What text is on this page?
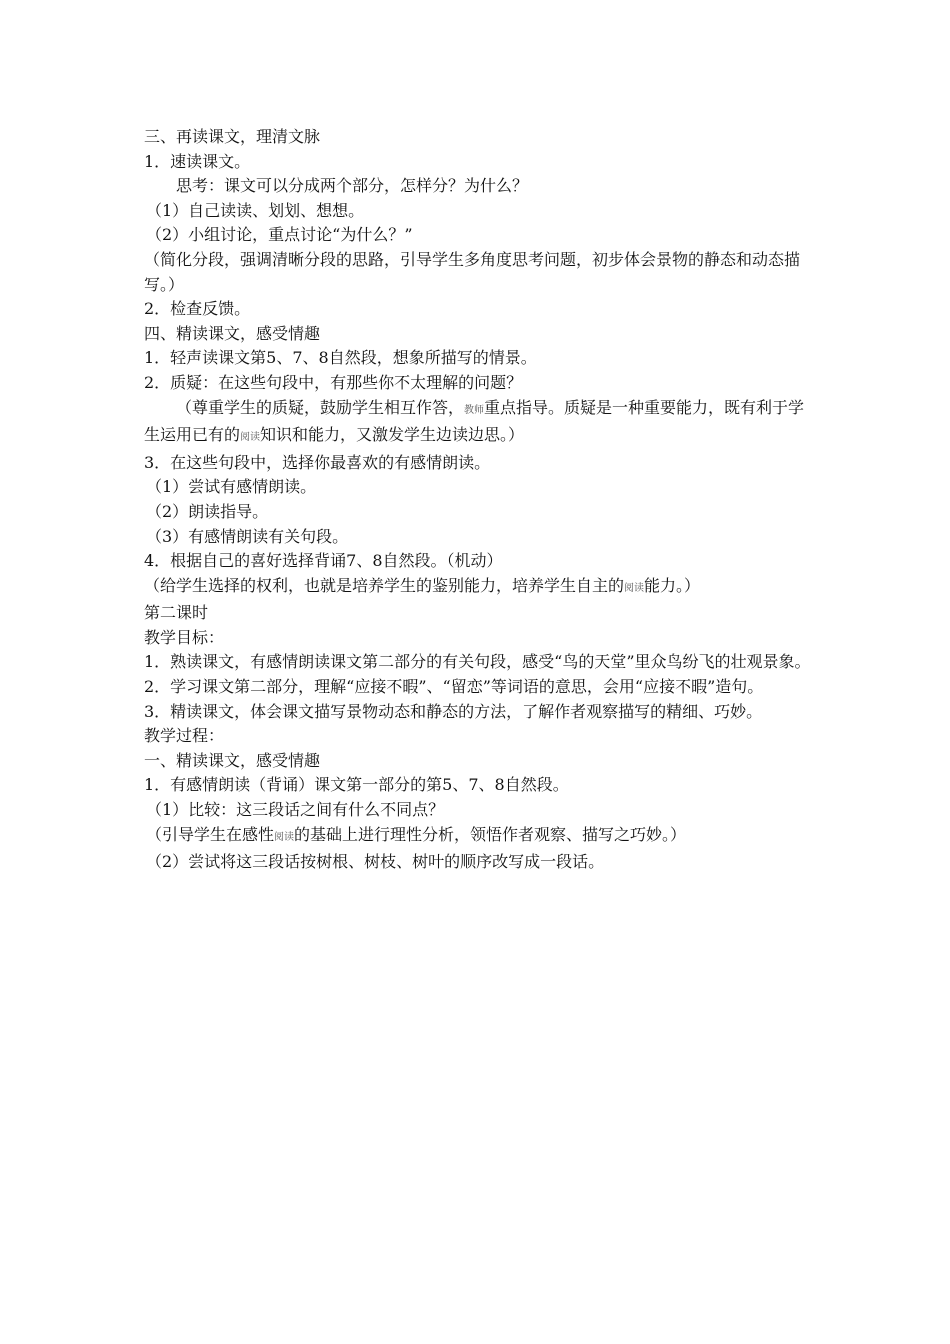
三、再读课文，理清文脉

1．速读课文。

思考：课文可以分成两个部分，怎样分？为什么？

（1）自己读读、划划、想想。

（2）小组讨论，重点讨论“为什么？”

（简化分段，强调清晰分段的思路，引导学生多角度思考问题，初步体会景物的静态和动态描写。）

2．检查反馈。

四、精读课文，感受情趣

1．轻声读课文第5、7、8自然段，想象所描写的情景。

2．质疑：在这些句段中，有那些你不太理解的问题？

（尊重学生的质疑，鼓励学生相互作答，教师重点指导。质疑是一种重要能力，既有利于学生运用已有的阅读知识和能力，又激发学生边读边思。）

3．在这些句段中，选择你最喜欢的有感情朗读。

（1）尝试有感情朗读。

（2）朗读指导。

（3）有感情朗读有关句段。

4．根据自己的喜好选择背诵7、8自然段。（机动）

（给学生选择的权利，也就是培养学生的鉴别能力，培养学生自主的阅读能力。）

第二课时

教学目标：

1．熟读课文，有感情朗读课文第二部分的有关句段，感受“鸟的天堂”里众鸟纷飞的壮观景象。

2．学习课文第二部分，理解“应接不暇”、“留恋”等词语的意思，会用“应接不暇”造句。

3．精读课文，体会课文描写景物动态和静态的方法，了解作者观察描写的精细、巧妙。

教学过程：

一、精读课文，感受情趣

1．有感情朗读（背诵）课文第一部分的第5、7、8自然段。

（1）比较：这三段话之间有什么不同点？

（引导学生在感性阅读的基础上进行理性分析，领悟作者观察、描写之巧妙。）

（2）尝试将这三段话按树根、树枝、树叶的顺序改写成一段话。
